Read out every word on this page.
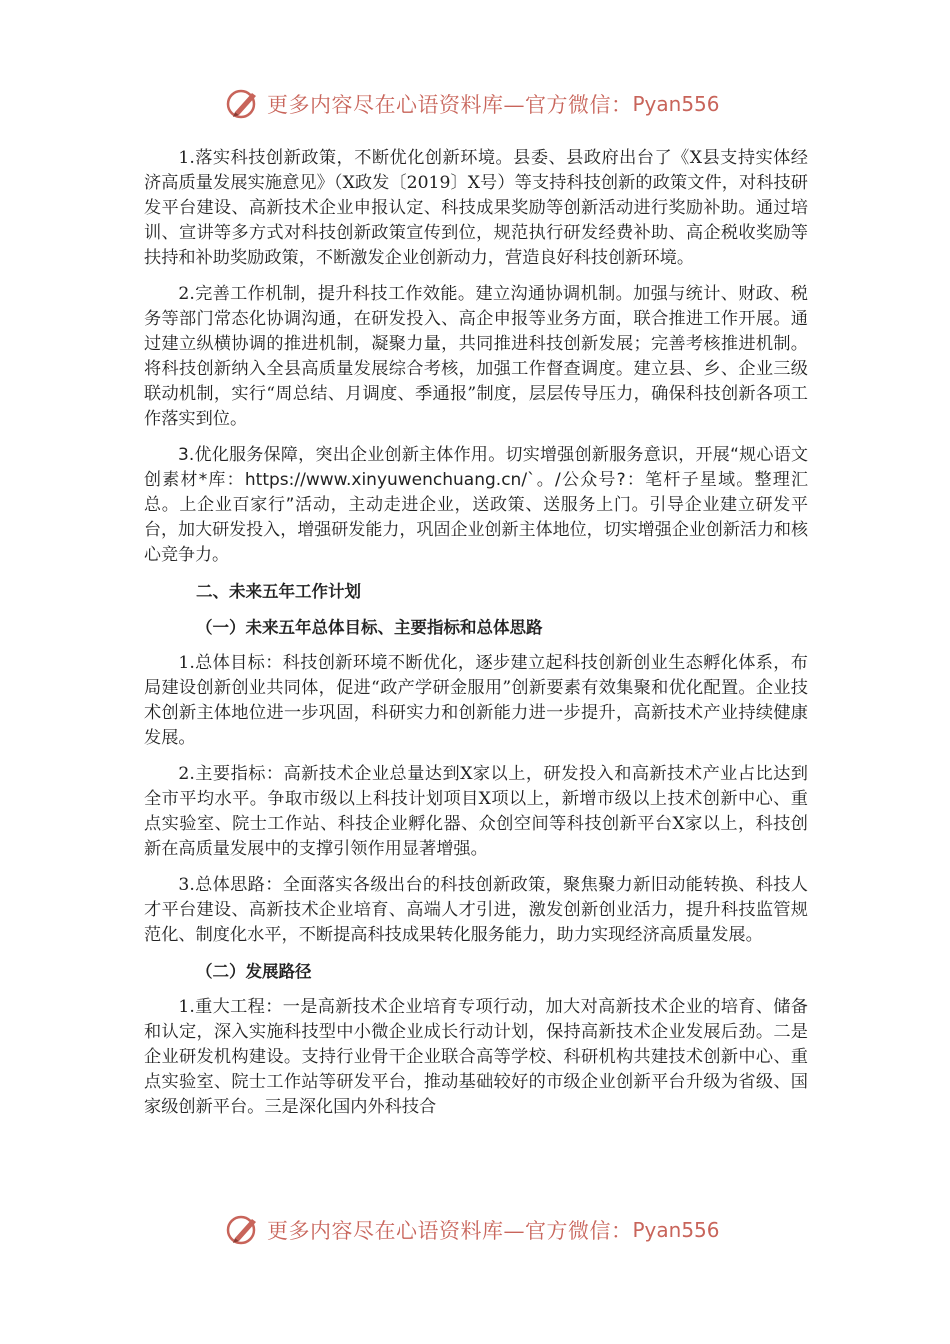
更多内容尽在心语资料库—官方微信： Pyan556

1.落实科技创新政策，不断优化创新环境。县委、县政府出台了《X县支持实体经济高质量发展实施意见》（X政发〔2019〕X号）等支持科技创新的政策文件，对科技研发平台建设、高新技术企业申报认定、科技成果奖励等创新活动进行奖励补助。通过培训、宣讲等多方式对科技创新政策宣传到位，规范执行研发经费补助、高企税收奖励等扶持和补助奖励政策，不断激发企业创新动力，营造良好科技创新环境。

2.完善工作机制，提升科技工作效能。建立沟通协调机制。加强与统计、财政、税务等部门常态化协调沟通，在研发投入、高企申报等业务方面，联合推进工作开展。通过建立纵横协调的推进机制，凝聚力量，共同推进科技创新发展；完善考核推进机制。将科技创新纳入全县高质量发展综合考核，加强工作督查调度。建立县、乡、企业三级联动机制，实行“周总结、月调度、季通报”制度，层层传导压力，确保科技创新各项工作落实到位。

3.优化服务保障，突出企业创新主体作用。切实增强创新服务意识，开展“规心语文创素材*库：https://www.xinyuwenchuang.cn/`。/公众号?：笔杆子星域。整理汇总。上企业百家行”活动，主动走进企业，送政策、送服务上门。引导企业建立研发平台，加大研发投入，增强研发能力，巩固企业创新主体地位，切实增强企业创新活力和核心竞争力。

二、未来五年工作计划
（一）未来五年总体目标、主要指标和总体思路

1.总体目标：科技创新环境不断优化，逐步建立起科技创新创业生态孵化体系，布局建设创新创业共同体，促进“政产学研金服用”创新要素有效集聚和优化配置。企业技术创新主体地位进一步巩固，科研实力和创新能力进一步提升，高新技术产业持续健康发展。

2.主要指标：高新技术企业总量达到X家以上，研发投入和高新技术产业占比达到全市平均水平。争取市级以上科技计划项目X项以上，新增市级以上技术创新中心、重点实验室、院士工作站、科技企业孵化器、众创空间等科技创新平台X家以上，科技创新在高质量发展中的支撑引领作用显著增强。

3.总体思路：全面落实各级出台的科技创新政策，聚焦聚力新旧动能转换、科技人才平台建设、高新技术企业培育、高端人才引进，激发创新创业活力，提升科技监管规范化、制度化水平，不断提高科技成果转化服务能力，助力实现经济高质量发展。

（二）发展路径

1.重大工程：一是高新技术企业培育专项行动，加大对高新技术企业的培育、储备和认定，深入实施科技型中小微企业成长行动计划，保持高新技术企业发展后劲。二是企业研发机构建设。支持行业骨干企业联合高等学校、科研机构共建技术创新中心、重点实验室、院士工作站等研发平台，推动基础较好的市级企业创新平台升级为省级、国家级创新平台。三是深化国内外科技合

更多内容尽在心语资料库—官方微信： Pyan556
